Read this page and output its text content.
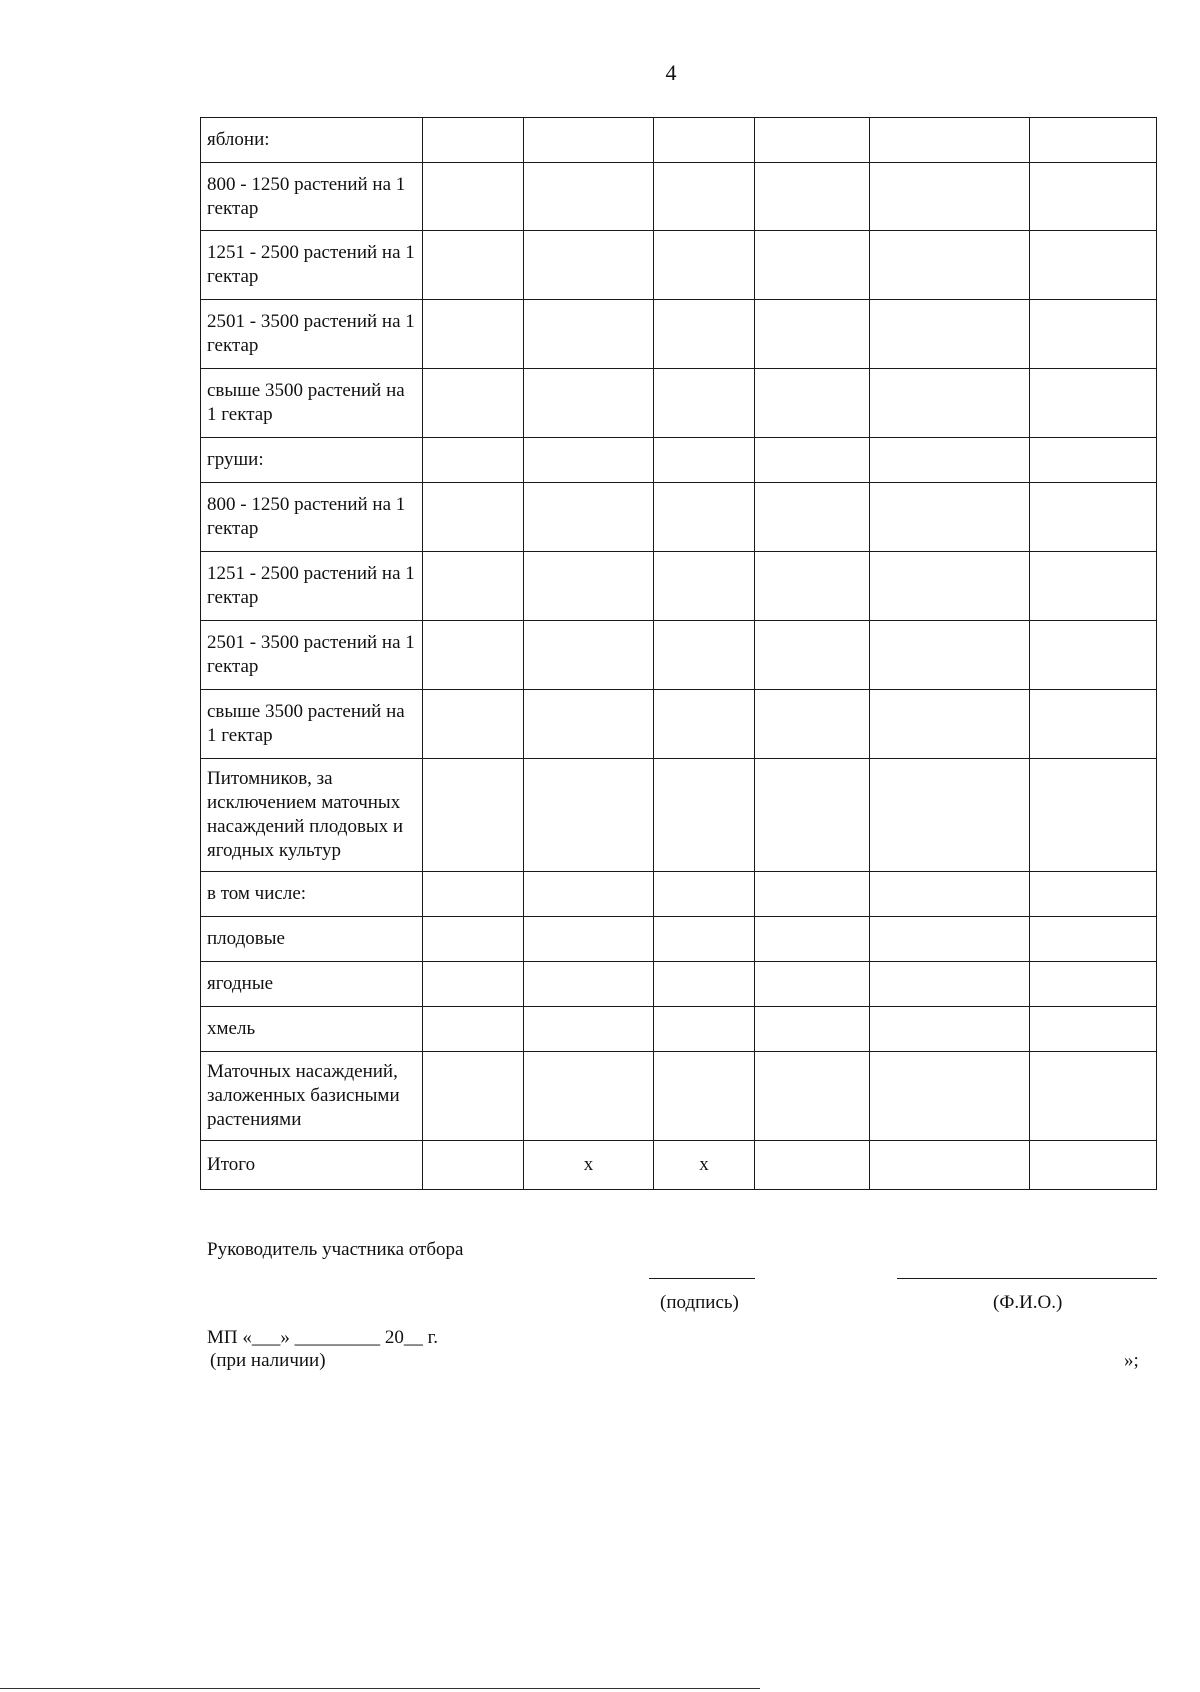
4
яблони:						
800 - 1250 растений на 1 гектар						
1251 - 2500 растений на 1 гектар						
2501 - 3500 растений на 1 гектар						
свыше 3500 растений на 1 гектар						
груши:						
800 - 1250 растений на 1 гектар						
1251 - 2500 растений на 1 гектар						
2501 - 3500 растений на 1 гектар						
свыше 3500 растений на 1 гектар						
Питомников, за исключением маточных насаждений плодовых и ягодных культур						
в том числе:						
плодовые						
ягодные						
хмель						
Маточных насаждений, заложенных базисными растениями						
Итого		x	x			
Руководитель участника отбора
(подпись)	(Ф.И.О.)
МП «___» _________ 20__ г.
(при наличии)	»;
